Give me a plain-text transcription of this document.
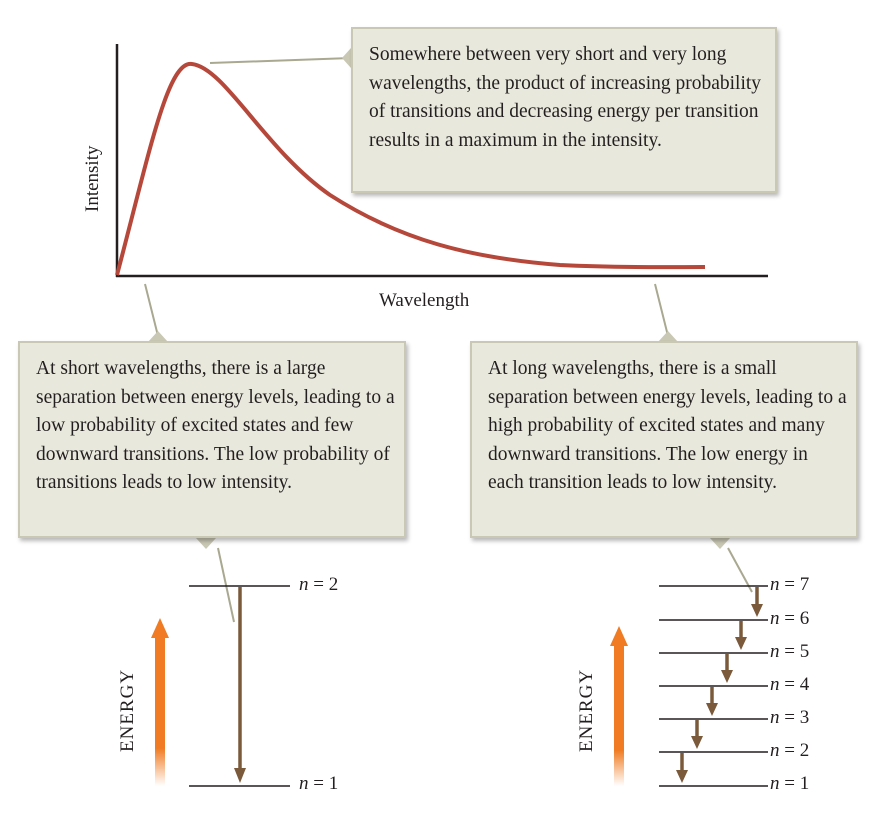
Intensity
Wavelength
Somewhere between very short and very long wavelengths, the product of increasing probability of transitions and decreasing energy per transition results in a maximum in the intensity.
At short wavelengths, there is a large separation between energy levels, leading to a low probability of excited states and few downward transitions. The low probability of transitions leads to low intensity.
At long wavelengths, there is a small separation between energy levels, leading to a high probability of excited states and many downward transitions. The low energy in each transition leads to low intensity.
ENERGY	ENERGY
n = 2
n = 1
n = 7
n = 6
n = 5
n = 4
n = 3
n = 2
n = 1
